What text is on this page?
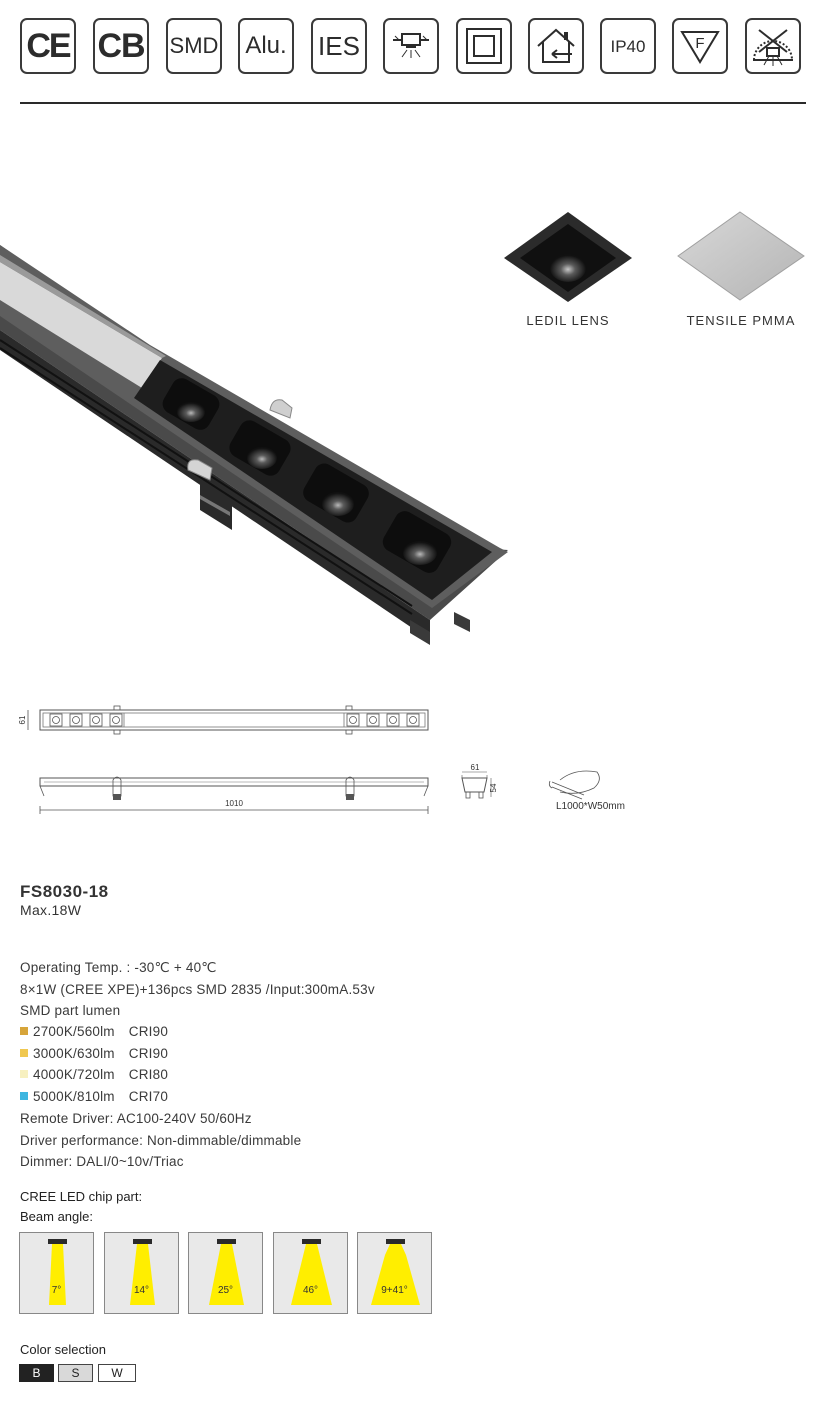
CE CB SMD Alu. IES	IP40	F
LEDIL LENS	TENSILE PMMA
61
1010
61
54
L1000*W50mm
FS8030-18
Max.18W
Operating Temp. : -30℃ + 40℃
8×1W (CREE XPE)+136pcs SMD 2835 /Input:300mA.53v
SMD part lumen
2700K/560lm CRI90
3000K/630lm CRI90
4000K/720lm CRI80
5000K/810lm CRI70
Remote Driver: AC100-240V 50/60Hz
Driver performance: Non-dimmable/dimmable
Dimmer: DALI/0~10v/Triac
CREE LED chip part:
Beam angle:
7°	14°	25°	46°	9+41°
Color selection
B	S	W
